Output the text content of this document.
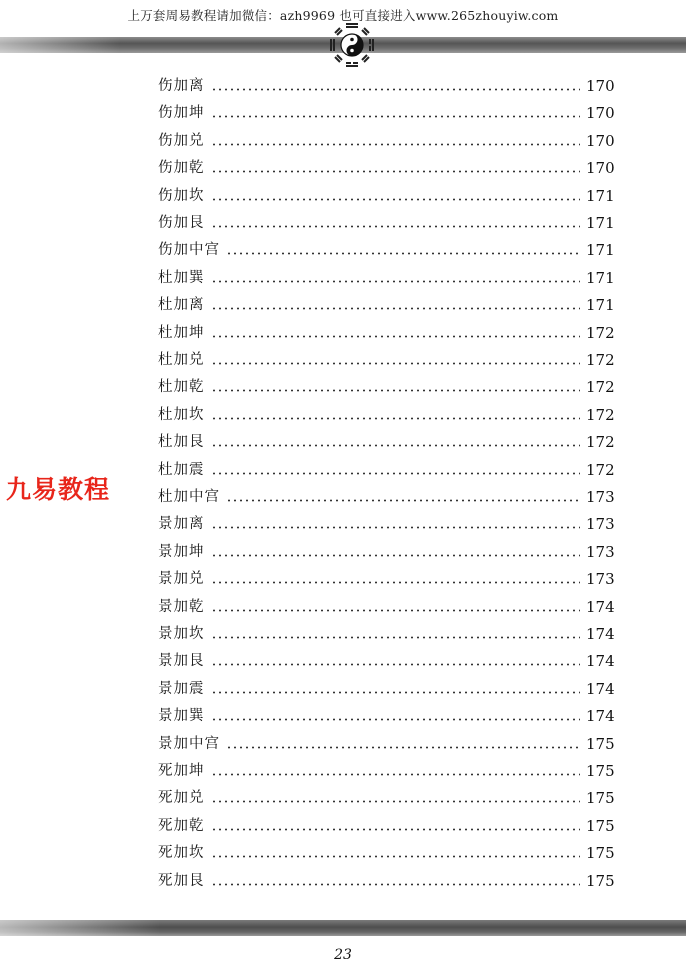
上万套周易教程请加微信：azh9969 也可直接进入www.265zhouyiw.com
九易教程
伤加离	170
伤加坤	170
伤加兑	170
伤加乾	170
伤加坎	171
伤加艮	171
伤加中宫	171
杜加巽	171
杜加离	171
杜加坤	172
杜加兑	172
杜加乾	172
杜加坎	172
杜加艮	172
杜加震	172
杜加中宫	173
景加离	173
景加坤	173
景加兑	173
景加乾	174
景加坎	174
景加艮	174
景加震	174
景加巽	174
景加中宫	175
死加坤	175
死加兑	175
死加乾	175
死加坎	175
死加艮	175
23
